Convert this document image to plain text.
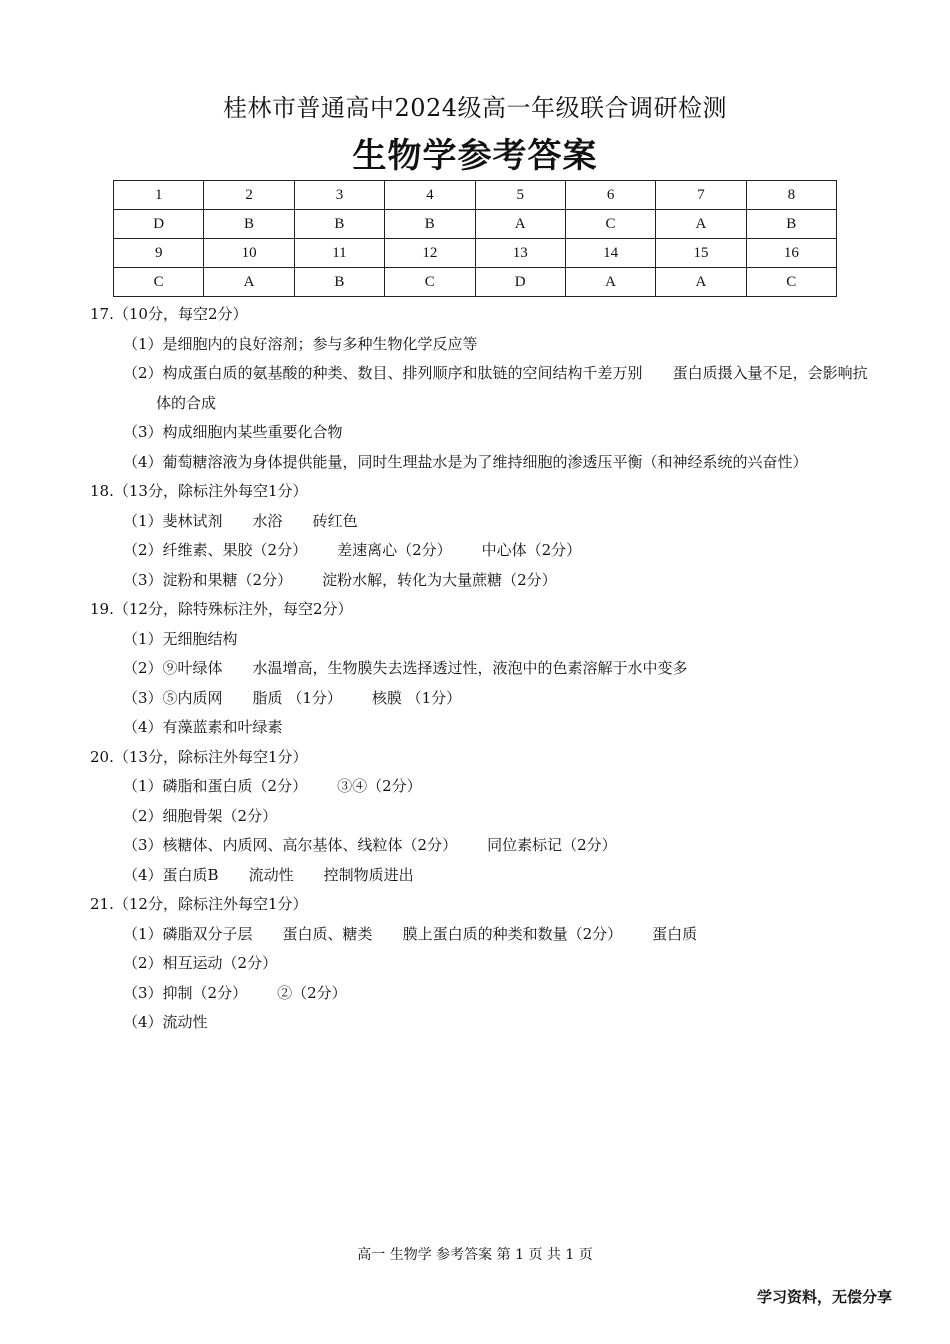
桂林市普通高中2024级高一年级联合调研检测
生物学参考答案
1	2	3	4	5	6	7	8
D	B	B	B	A	C	A	B
9	10	11	12	13	14	15	16
C	A	B	C	D	A	A	C
17.（10分，每空2分）
（1）是细胞内的良好溶剂；参与多种生物化学反应等
（2）构成蛋白质的氨基酸的种类、数目、排列顺序和肽链的空间结构千差万别 蛋白质摄入量不足，会影响抗体的合成
（3）构成细胞内某些重要化合物
（4）葡萄糖溶液为身体提供能量，同时生理盐水是为了维持细胞的渗透压平衡（和神经系统的兴奋性）
18.（13分，除标注外每空1分）
（1）斐林试剂 水浴 砖红色
（2）纤维素、果胶（2分） 差速离心（2分） 中心体（2分）
（3）淀粉和果糖（2分） 淀粉水解，转化为大量蔗糖（2分）
19.（12分，除特殊标注外，每空2分）
（1）无细胞结构
（2）⑨叶绿体 水温增高，生物膜失去选择透过性，液泡中的色素溶解于水中变多
（3）⑤内质网 脂质 （1分） 核膜 （1分）
（4）有藻蓝素和叶绿素
20.（13分，除标注外每空1分）
（1）磷脂和蛋白质（2分） ③④（2分）
（2）细胞骨架（2分）
（3）核糖体、内质网、高尔基体、线粒体（2分） 同位素标记（2分）
（4）蛋白质B 流动性 控制物质进出
21.（12分，除标注外每空1分）
（1）磷脂双分子层 蛋白质、糖类 膜上蛋白质的种类和数量（2分） 蛋白质
（2）相互运动（2分）
（3）抑制（2分） ②（2分）
（4）流动性
高一 生物学 参考答案 第 1 页 共 1 页
学习资料，无偿分享
